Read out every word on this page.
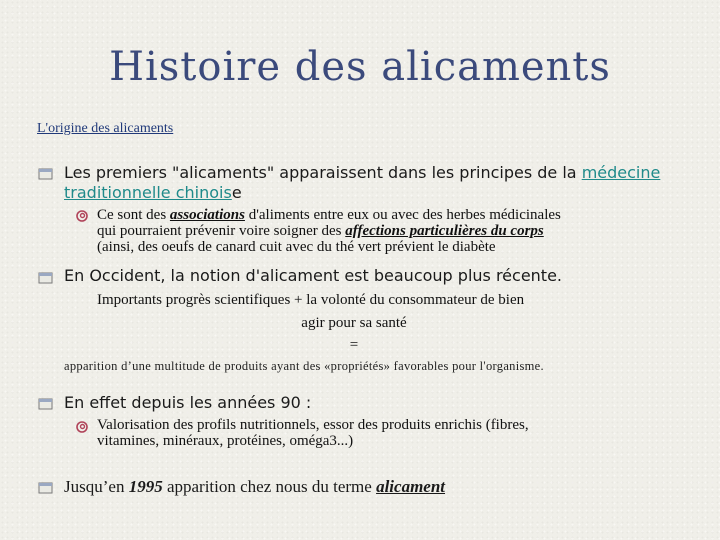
Histoire des alicaments
L'origine des alicaments
Les premiers "alicaments" apparaissent dans les principes de la médecine
traditionnelle chinoise
Ce sont des associations d'aliments entre eux ou avec des herbes médicinales
qui pourraient prévenir voire soigner des affections particulières du corps
(ainsi, des oeufs de canard cuit avec du thé vert prévient le diabète
En Occident, la notion d'alicament est beaucoup plus récente.
Importants progrès scientifiques + la volonté du consommateur de bien
agir pour sa santé
=
apparition d’une multitude de produits ayant des «propriétés» favorables pour l'organisme.
En effet depuis les années 90 :
Valorisation des profils nutritionnels, essor des produits enrichis (fibres,
vitamines, minéraux, protéines, oméga3...)
Jusqu’en 1995 apparition chez nous du terme alicament
